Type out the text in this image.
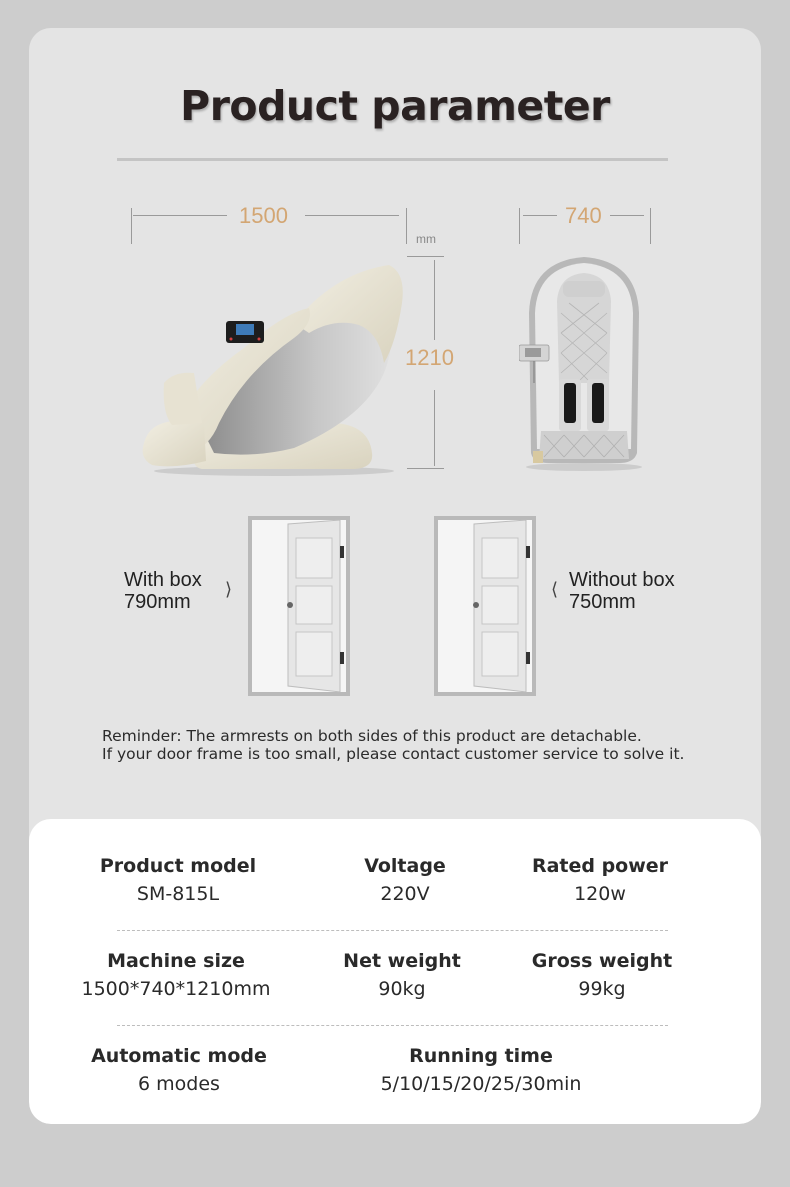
Product parameter
1500
mm
740
1210
With box
790mm
⟩	Without box
750mm
⟨
Reminder: The armrests on both sides of this product are detachable.
If your door frame is too small, please contact customer service to solve it.
Product model
SM-815L
Voltage
220V
Rated power
120w
Machine size
1500*740*1210mm
Net weight
90kg
Gross weight
99kg
Automatic mode
6 modes
Running time
5/10/15/20/25/30min
